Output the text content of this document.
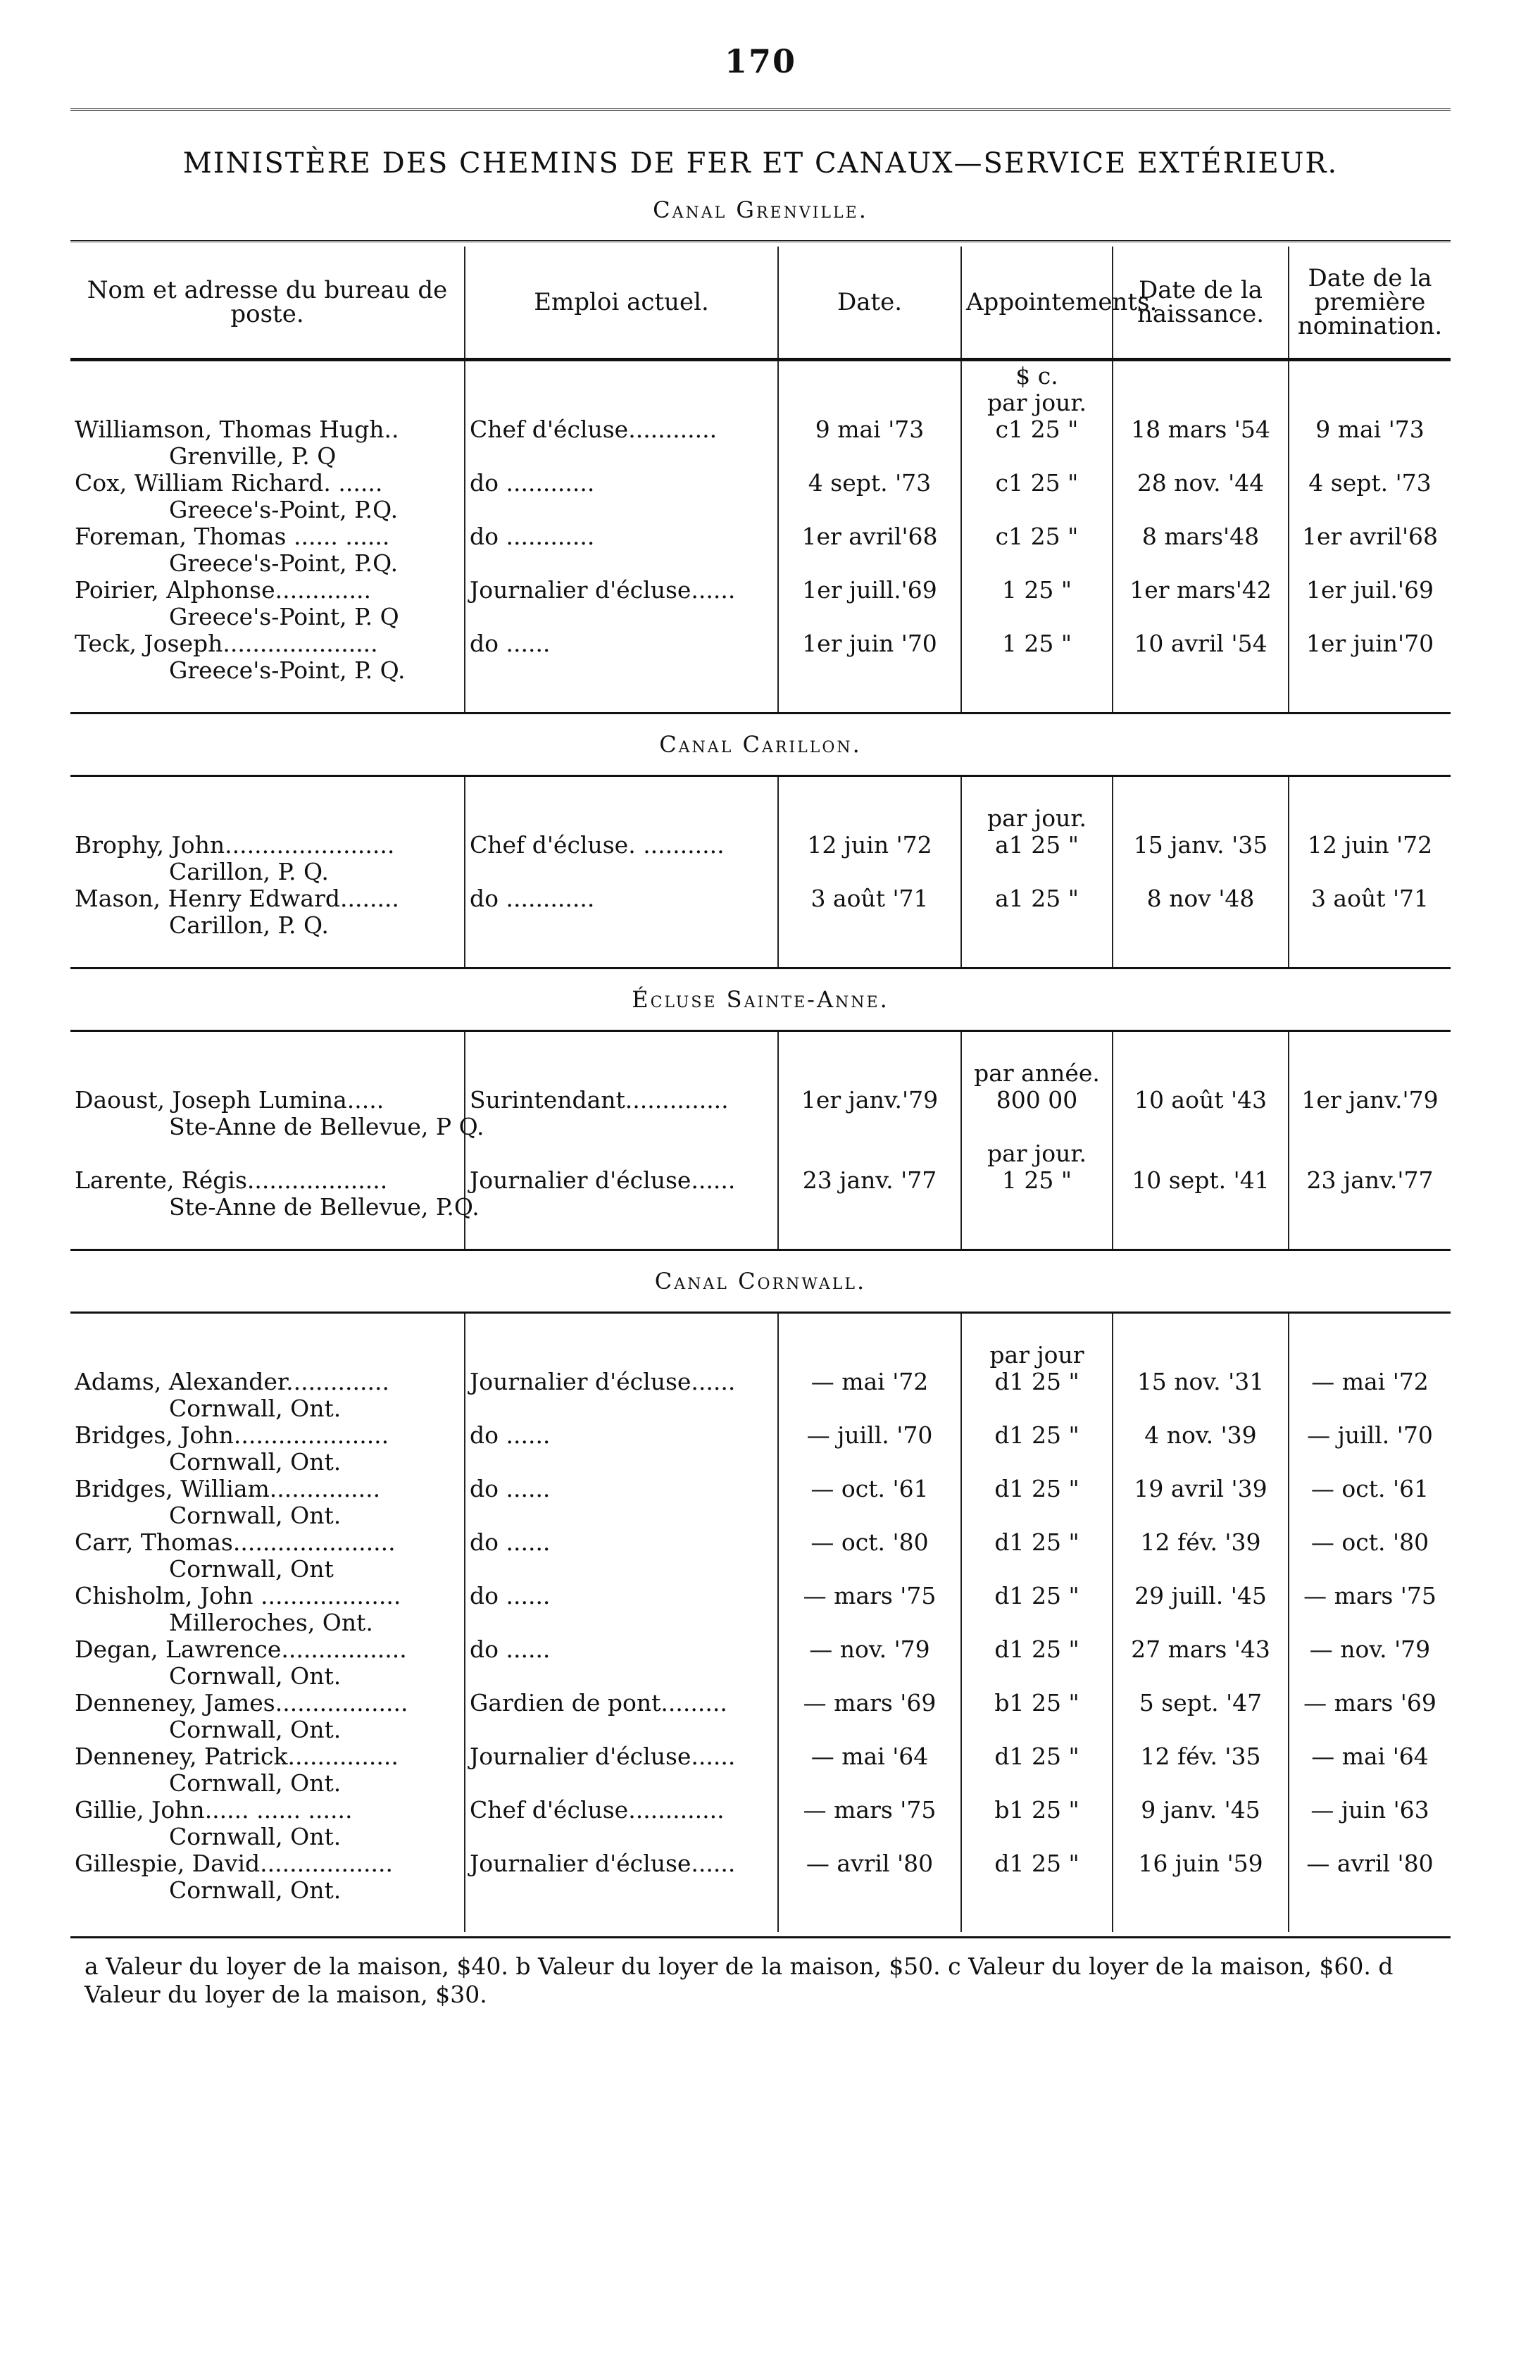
170
MINISTÈRE DES CHEMINS DE FER ET CANAUX—SERVICE EXTÉRIEUR.
Canal Grenville.
Nom et adresse du bureau de poste.	Emploi actuel.	Date.	Appointements.	Date de la naissance.	Date de la première nomination.
			$ c.		
			par jour.		
Williamson, Thomas Hugh..	Chef d'écluse............	9 mai '73	c1 25 "	18 mars '54	9 mai '73
Grenville, P. Q					

Cox, William Richard. ......	do ............	4 sept. '73	c1 25 "	28 nov. '44	4 sept. '73
Greece's-Point, P.Q.					

Foreman, Thomas ...... ......	do ............	1er avril'68	c1 25 "	8 mars'48	1er avril'68
Greece's-Point, P.Q.					

Poirier, Alphonse.............	Journalier d'écluse......	1er juill.'69	1 25 "	1er mars'42	1er juil.'69
Greece's-Point, P. Q					

Teck, Joseph.....................	do ......	1er juin '70	1 25 "	10 avril '54	1er juin'70
Greece's-Point, P. Q.					

Canal Carillon.

			par jour.		
Brophy, John.......................	Chef d'écluse. ...........	12 juin '72	a1 25 "	15 janv. '35	12 juin '72
Carillon, P. Q.					

Mason, Henry Edward........	do ............	3 août '71	a1 25 "	8 nov '48	3 août '71
Carillon, P. Q.					

Écluse Sainte-Anne.

			par année.		
Daoust, Joseph Lumina.....	Surintendant..............	1er janv.'79	800 00	10 août '43	1er janv.'79
Ste-Anne de Bellevue, P Q.					
			par jour.		
Larente, Régis...................	Journalier d'écluse......	23 janv. '77	1 25 "	10 sept. '41	23 janv.'77
Ste-Anne de Bellevue, P.Q.					

Canal Cornwall.

			par jour		
Adams, Alexander..............	Journalier d'écluse......	— mai '72	d1 25 "	15 nov. '31	— mai '72
Cornwall, Ont.					

Bridges, John.....................	do ......	— juill. '70	d1 25 "	4 nov. '39	— juill. '70
Cornwall, Ont.					

Bridges, William...............	do ......	— oct. '61	d1 25 "	19 avril '39	— oct. '61
Cornwall, Ont.					

Carr, Thomas......................	do ......	— oct. '80	d1 25 "	12 fév. '39	— oct. '80
Cornwall, Ont					

Chisholm, John ...................	do ......	— mars '75	d1 25 "	29 juill. '45	— mars '75
Milleroches, Ont.					

Degan, Lawrence.................	do ......	— nov. '79	d1 25 "	27 mars '43	— nov. '79
Cornwall, Ont.					

Denneney, James..................	Gardien de pont.........	— mars '69	b1 25 "	5 sept. '47	— mars '69
Cornwall, Ont.					

Denneney, Patrick...............	Journalier d'écluse......	— mai '64	d1 25 "	12 fév. '35	— mai '64
Cornwall, Ont.					

Gillie, John...... ...... ......	Chef d'écluse.............	— mars '75	b1 25 "	9 janv. '45	— juin '63
Cornwall, Ont.					

Gillespie, David..................	Journalier d'écluse......	— avril '80	d1 25 "	16 juin '59	— avril '80
Cornwall, Ont.					

a Valeur du loyer de la maison, $40. b Valeur du loyer de la maison, $50. c Valeur du loyer de la maison, $60. d Valeur du loyer de la maison, $30.
